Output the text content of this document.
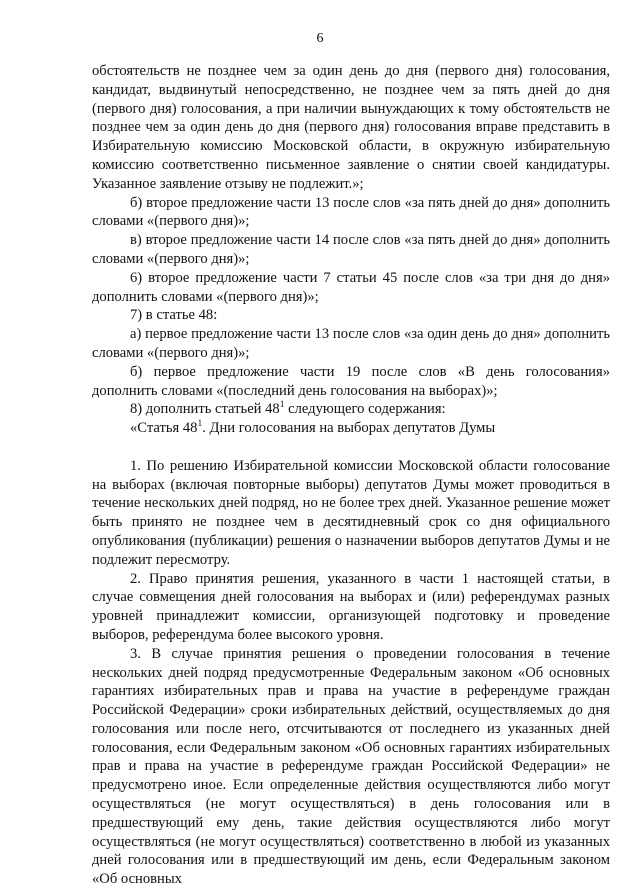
6

обстоятельств не позднее чем за один день до дня (первого дня) голосования, кандидат, выдвинутый непосредственно, не позднее чем за пять дней до дня (первого дня) голосования, а при наличии вынуждающих к тому обстоятельств не позднее чем за один день до дня (первого дня) голосования вправе представить в Избирательную комиссию Московской области, в окружную избирательную комиссию соответственно письменное заявление о снятии своей кандидатуры. Указанное заявление отзыву не подлежит.»;

б) второе предложение части 13 после слов «за пять дней до дня» дополнить словами «(первого дня)»;

в) второе предложение части 14 после слов «за пять дней до дня» дополнить словами «(первого дня)»;

6) второе предложение части 7 статьи 45 после слов «за три дня до дня» дополнить словами «(первого дня)»;

7) в статье 48:

а) первое предложение части 13 после слов «за один день до дня» дополнить словами «(первого дня)»;

б) первое предложение части 19 после слов «В день голосования» дополнить словами «(последний день голосования на выборах)»;

8) дополнить статьей $48^1$ следующего содержания:

«Статья $48^1$. Дни голосования на выборах депутатов Думы

1. По решению Избирательной комиссии Московской области голосование на выборах (включая повторные выборы) депутатов Думы может проводиться в течение нескольких дней подряд, но не более трех дней. Указанное решение может быть принято не позднее чем в десятидневный срок со дня официального опубликования (публикации) решения о назначении выборов депутатов Думы и не подлежит пересмотру.

2. Право принятия решения, указанного в части 1 настоящей статьи, в случае совмещения дней голосования на выборах и (или) референдумах разных уровней принадлежит комиссии, организующей подготовку и проведение выборов, референдума более высокого уровня.

3. В случае принятия решения о проведении голосования в течение нескольких дней подряд предусмотренные Федеральным законом «Об основных гарантиях избирательных прав и права на участие в референдуме граждан Российской Федерации» сроки избирательных действий, осуществляемых до дня голосования или после него, отсчитываются от последнего из указанных дней голосования, если Федеральным законом «Об основных гарантиях избирательных прав и права на участие в референдуме граждан Российской Федерации» не предусмотрено иное. Если определенные действия осуществляются либо могут осуществляться (не могут осуществляться) в день голосования или в предшествующий ему день, такие действия осуществляются либо могут осуществляться (не могут осуществляться) соответственно в любой из указанных дней голосования или в предшествующий им день, если Федеральным законом «Об основных
